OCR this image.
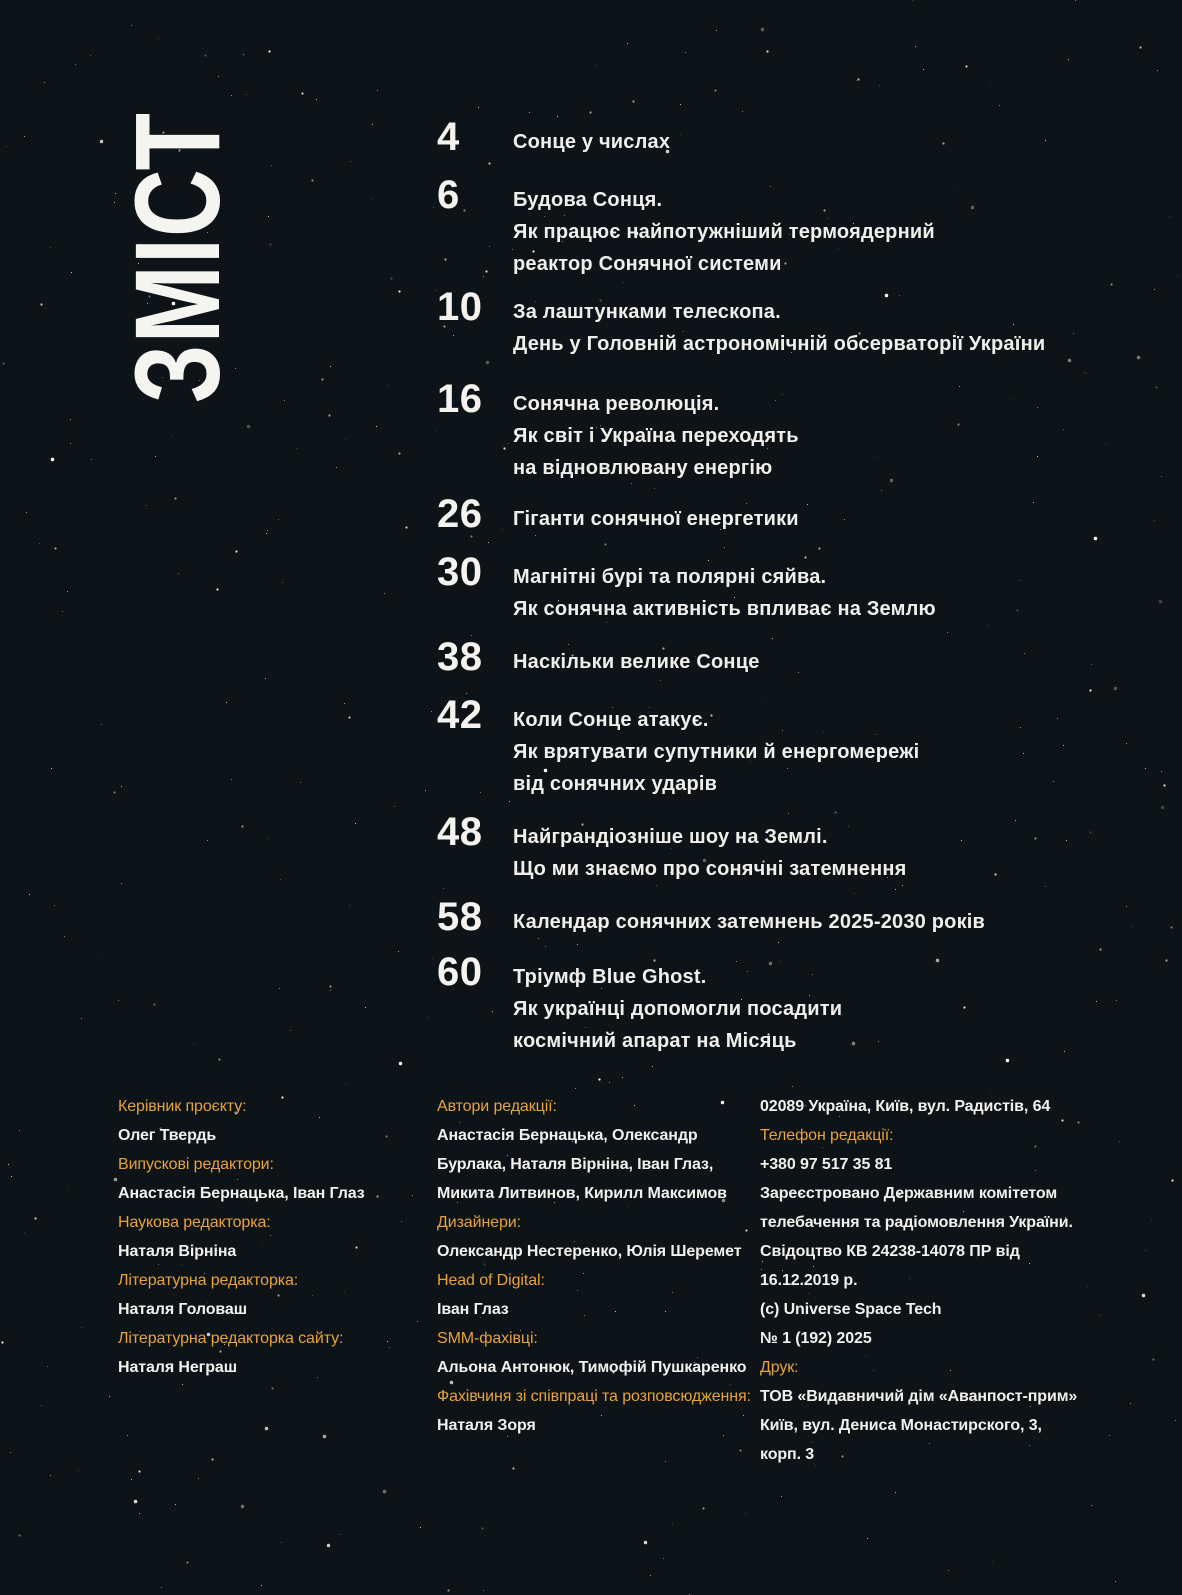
ЗМІСТ	4	Сонце у числах
6	Будова Сонця.
Як працює найпотужніший термоядерний
реактор Сонячної системи
10	За лаштунками телескопа.
День у Головній астрономічній обсерваторії України
16	Сонячна революція.
Як світ і Україна переходять
на відновлювану енергію
26	Гіганти сонячної енергетики
30	Магнітні бурі та полярні сяйва.
Як сонячна активність впливає на Землю
38	Наскільки велике Сонце
42	Коли Сонце атакує.
Як врятувати супутники й енергомережі
від сонячних ударів
48	Найграндіозніше шоу на Землі.
Що ми знаємо про сонячні затемнення
58	Календар сонячних затемнень 2025-2030 років
60	Тріумф Blue Ghost.
Як українці допомогли посадити
космічний апарат на Місяць
Керівник проєкту:
Олег Твердь
Випускові редактори:
Анастасія Бернацька, Іван Глаз
Наукова редакторка:
Наталя Вірніна
Літературна редакторка:
Наталя Головаш
Літературна редакторка сайту:
Наталя Неграш
Автори редакції:
Анастасія Бернацька, Олександр
Бурлака, Наталя Вірніна, Іван Глаз,
Микита Литвинов, Кирилл Максимов
Дизайнери:
Олександр Нестеренко, Юлія Шеремет
Head of Digital:
Іван Глаз
SMM-фахівці:
Альона Антонюк, Тимофій Пушкаренко
Фахівчиня зі співпраці та розповсюдження:
Наталя Зоря
02089 Україна, Київ, вул. Радистів, 64
Телефон редакції:
+380 97 517 35 81
Зареєстровано Державним комітетом
телебачення та радіомовлення України.
Свідоцтво КВ 24238-14078 ПР від
16.12.2019 р.
(c) Universe Space Tech
№ 1 (192) 2025
Друк:
ТОВ «Видавничий дім «Аванпост-прим»
Київ, вул. Дениса Монастирского, 3,
корп. 3
